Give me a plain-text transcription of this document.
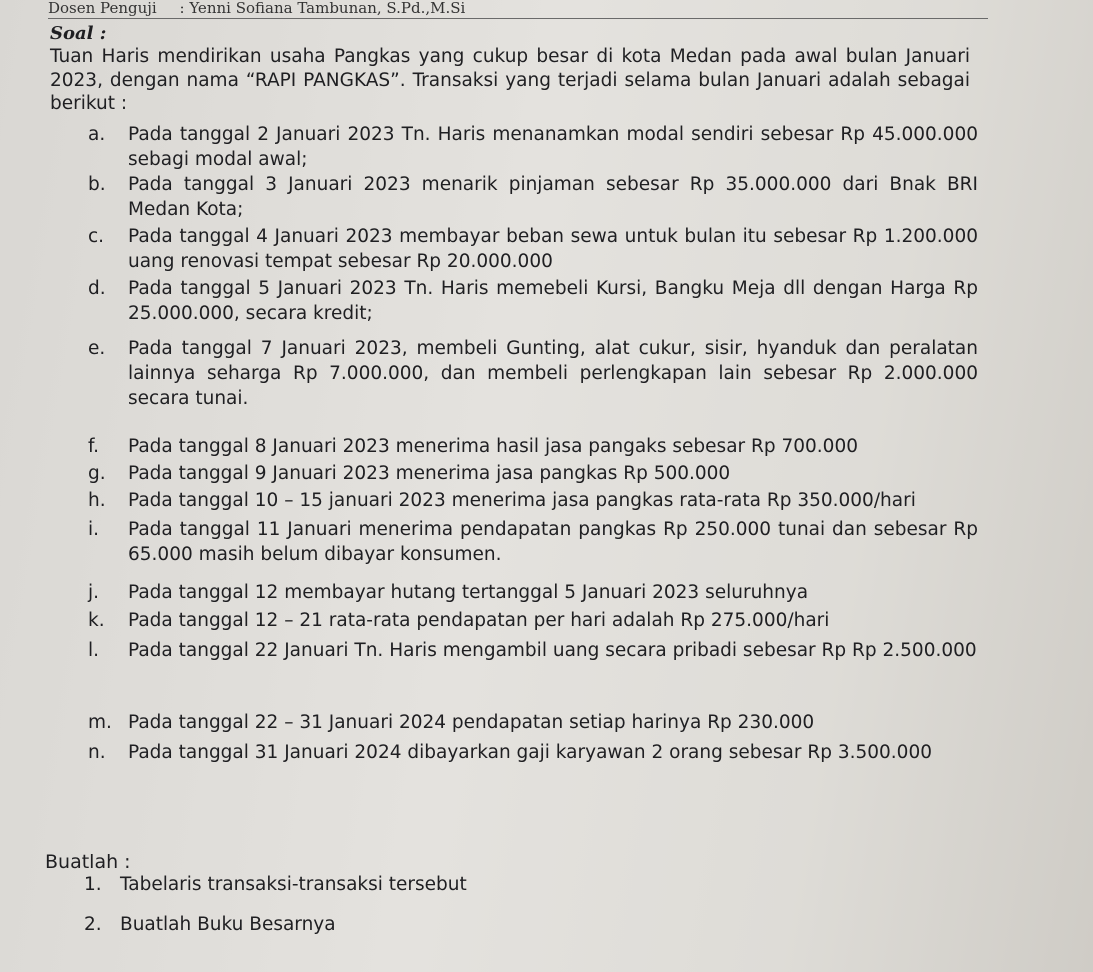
Dosen Penguji : Yenni Sofiana Tambunan, S.Pd.,M.Si
Soal :

Tuan Haris mendirikan usaha Pangkas yang cukup besar di kota Medan pada awal bulan Januari 2023, dengan nama “RAPI PANGKAS”. Transaksi yang terjadi selama bulan Januari adalah sebagai berikut :

a. Pada tanggal 2 Januari 2023 Tn. Haris menanamkan modal sendiri sebesar Rp 45.000.000 sebagi modal awal;
b. Pada tanggal 3 Januari 2023 menarik pinjaman sebesar Rp 35.000.000 dari Bnak BRI Medan Kota;
c. Pada tanggal 4 Januari 2023 membayar beban sewa untuk bulan itu sebesar Rp 1.200.000 uang renovasi tempat sebesar Rp 20.000.000
d. Pada tanggal 5 Januari 2023 Tn. Haris memebeli Kursi, Bangku Meja dll dengan Harga Rp 25.000.000, secara kredit;
e. Pada tanggal 7 Januari 2023, membeli Gunting, alat cukur, sisir, hyanduk dan peralatan lainnya seharga Rp 7.000.000, dan membeli perlengkapan lain sebesar Rp 2.000.000 secara tunai.
f. Pada tanggal 8 Januari 2023 menerima hasil jasa pangaks sebesar Rp 700.000
g. Pada tanggal 9 Januari 2023 menerima jasa pangkas Rp 500.000
h. Pada tanggal 10 – 15 januari 2023 menerima jasa pangkas rata-rata Rp 350.000/hari
i. Pada tanggal 11 Januari menerima pendapatan pangkas Rp 250.000 tunai dan sebesar Rp 65.000 masih belum dibayar konsumen.
j. Pada tanggal 12 membayar hutang tertanggal 5 Januari 2023 seluruhnya
k. Pada tanggal 12 – 21 rata-rata pendapatan per hari adalah Rp 275.000/hari
l. Pada tanggal 22 Januari Tn. Haris mengambil uang secara pribadi sebesar Rp Rp 2.500.000
m. Pada tanggal 22 – 31 Januari 2024 pendapatan setiap harinya Rp 230.000
n. Pada tanggal 31 Januari 2024 dibayarkan gaji karyawan 2 orang sebesar Rp 3.500.000
Buatlah :
1. Tabelaris transaksi-transaksi tersebut
2. Buatlah Buku Besarnya
